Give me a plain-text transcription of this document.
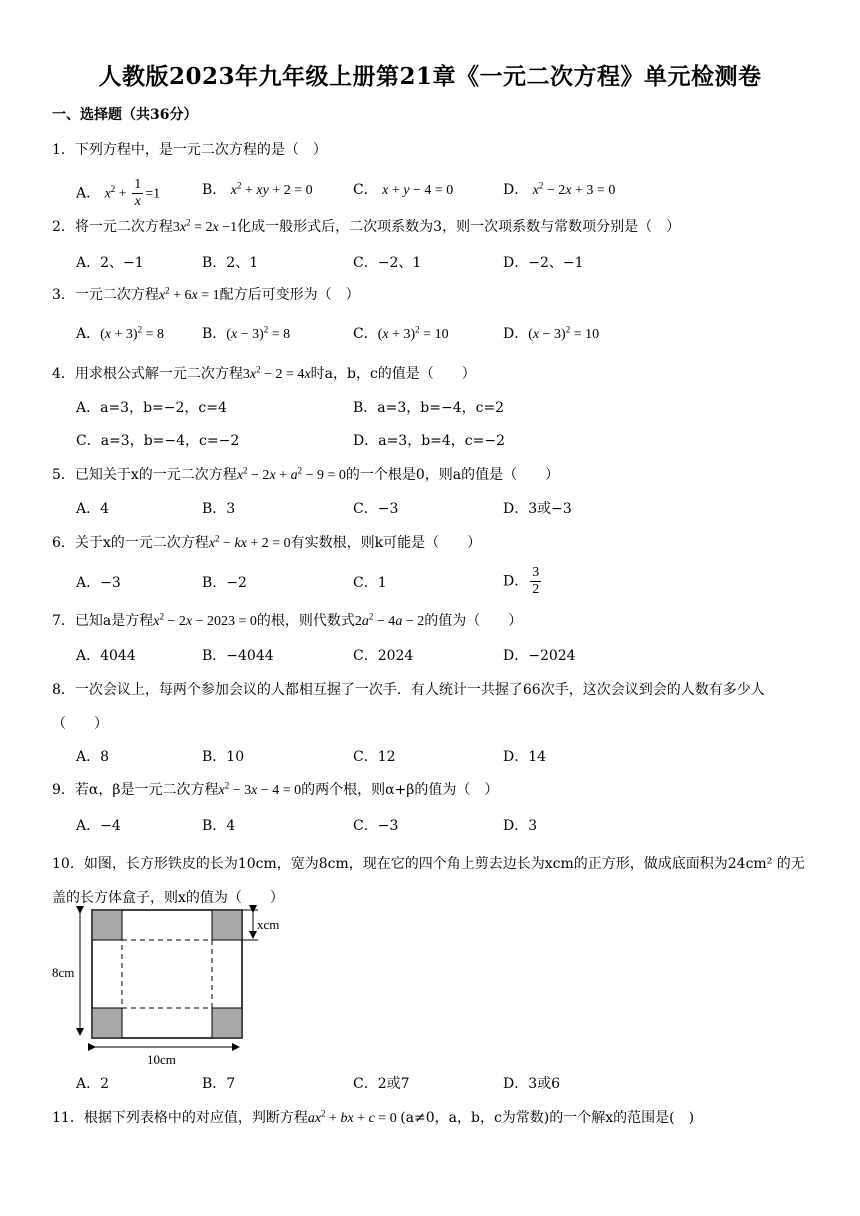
人教版2023年九年级上册第21章《一元二次方程》单元检测卷
一、选择题（共36分）
1．下列方程中，是一元二次方程的是（　）
A． $x^2 + \frac{1}{x} =1$	B． $x^2$ + xy + 2 = 0	C． x + y − 4 = 0	D． $x^2 - 2x + 3 = 0$
2．将一元二次方程$3x^2 = 2x -1$化成一般形式后，二次项系数为3，则一次项系数与常数项分别是（　）
A．2、−1	B．2、1	C．−2、1	D．−2、−1
3．一元二次方程$x^2 + 6x = 1$配方后可变形为（　）
A．$(x + 3)^2 = 8$	B．$(x - 3)^2 = 8$	C．$(x + 3)^2 = 10$	D．$(x - 3)^2 = 10$
4．用求根公式解一元二次方程$3x^2 - 2 = 4x$时a，b，c的值是（　　）
A．a=3，b=−2，c=4	B．a=3，b=−4，c=2
C．a=3，b=−4，c=−2	D．a=3，b=4，c=−2
5．已知关于x的一元二次方程$x^2 - 2x + a^2 - 9 = 0$的一个根是0，则a的值是（　　）
A．4	B．3	C．−3	D．3或−3
6．关于x的一元二次方程$x^2$ − kx + 2 = 0有实数根，则k可能是（　　）
A．−3	B．−2	C．1	D． $\frac{3}{2}$
7．已知a是方程$x^2 - 2x - 2023 = 0$的根，则代数式$2a^2 - 4a - 2$的值为（　　）
A．4044	B．−4044	C．2024	D．−2024
8．一次会议上，每两个参加会议的人都相互握了一次手．有人统计一共握了66次手，这次会议到会的人数有多少人（　　）
A．8	B．10	C．12	D．14
9．若α，β是一元二次方程$x^2 - 3x - 4 = 0$的两个根，则α+β的值为（　）
A．−4	B．4	C．−3	D．3
10．如图，长方形铁皮的长为10cm，宽为8cm，现在它的四个角上剪去边长为xcm的正方形，做成底面积为24cm² 的无盖的长方体盒子，则x的值为（　　）
xcm
8cm
10cm
A．2	B．7	C．2或7	D．3或6
11．根据下列表格中的对应值，判断方程$ax^2$ + bx + c = 0 (a≠0，a，b，c为常数)的一个解x的范围是(　)
